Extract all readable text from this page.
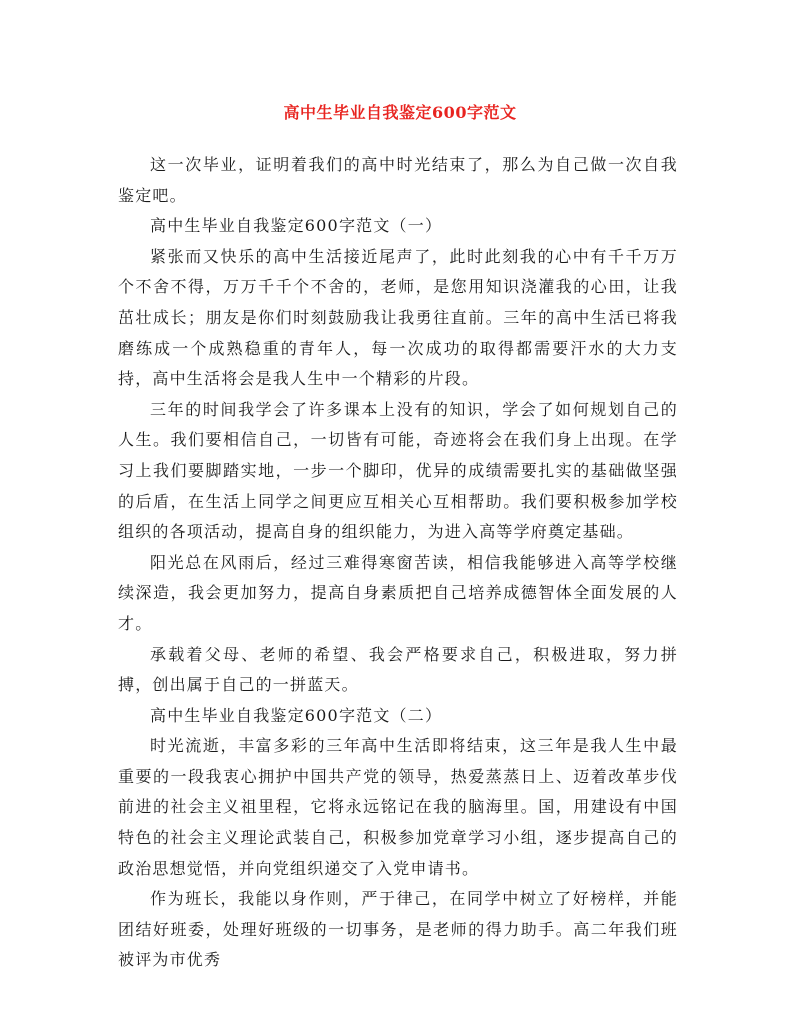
高中生毕业自我鉴定600字范文

这一次毕业，证明着我们的高中时光结束了，那么为自己做一次自我鉴定吧。

高中生毕业自我鉴定600字范文（一）

紧张而又快乐的高中生活接近尾声了，此时此刻我的心中有千千万万个不舍不得，万万千千个不舍的，老师，是您用知识浇灌我的心田，让我茁壮成长；朋友是你们时刻鼓励我让我勇往直前。三年的高中生活已将我磨练成一个成熟稳重的青年人，每一次成功的取得都需要汗水的大力支持，高中生活将会是我人生中一个精彩的片段。

三年的时间我学会了许多课本上没有的知识，学会了如何规划自己的人生。我们要相信自己，一切皆有可能，奇迹将会在我们身上出现。在学习上我们要脚踏实地，一步一个脚印，优异的成绩需要扎实的基础做坚强的后盾，在生活上同学之间更应互相关心互相帮助。我们要积极参加学校组织的各项活动，提高自身的组织能力，为进入高等学府奠定基础。

阳光总在风雨后，经过三难得寒窗苦读，相信我能够进入高等学校继续深造，我会更加努力，提高自身素质把自己培养成德智体全面发展的人才。

承载着父母、老师的希望、我会严格要求自己，积极进取，努力拼搏，创出属于自己的一拼蓝天。

高中生毕业自我鉴定600字范文（二）

时光流逝，丰富多彩的三年高中生活即将结束，这三年是我人生中最重要的一段我衷心拥护中国共产党的领导，热爱蒸蒸日上、迈着改革步伐前进的社会主义祖里程，它将永远铭记在我的脑海里。国，用建设有中国特色的社会主义理论武装自己，积极参加党章学习小组，逐步提高自己的政治思想觉悟，并向党组织递交了入党申请书。

作为班长，我能以身作则，严于律己，在同学中树立了好榜样，并能团结好班委，处理好班级的一切事务，是老师的得力助手。高二年我们班被评为市优秀
